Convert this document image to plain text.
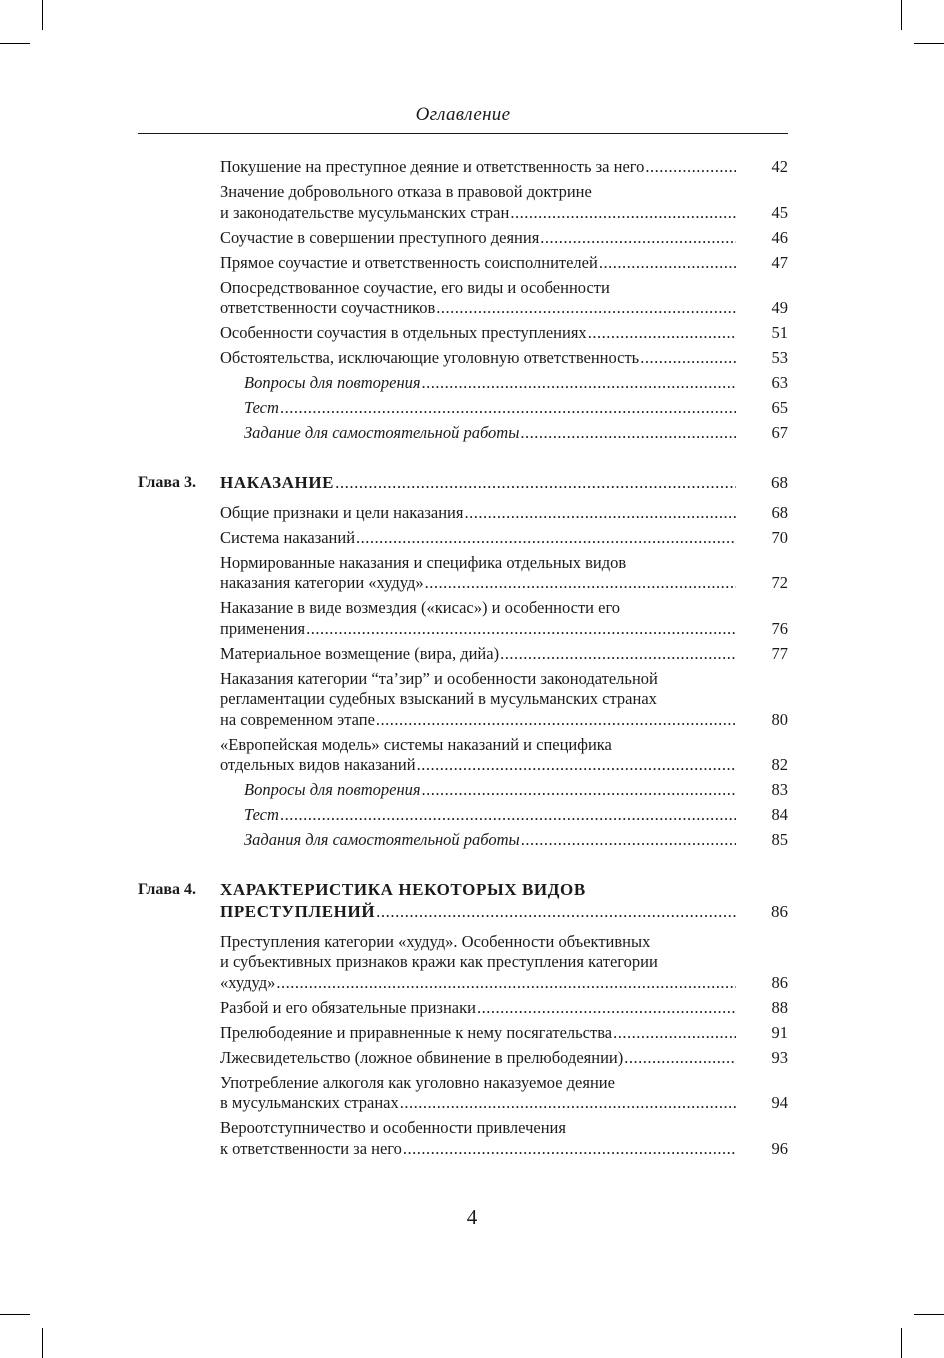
Оглавление
Покушение на преступное деяние и ответственность за него .....	42
Значение добровольного отказа в правовой доктрине
и законодательстве мусульманских стран .....	45
Соучастие в совершении преступного деяния .....	46
Прямое соучастие и ответственность соисполнителей .....	47
Опосредствованное соучастие, его виды и особенности
ответственности соучастников .....	49
Особенности соучастия в отдельных преступлениях .....	51
Обстоятельства, исключающие уголовную ответственность .....	53
Вопросы для повторения .....	63
Тест .....	65
Задание для самостоятельной работы .....	67
Глава 3. НАКАЗАНИЕ .....	68
Общие признаки и цели наказания .....	68
Система наказаний .....	70
Нормированные наказания и специфика отдельных видов
наказания категории «худуд» .....	72
Наказание в виде возмездия («кисас») и особенности его
применения .....	76
Материальное возмещение (вира, дийа) .....	77
Наказания категории “та’зир” и особенности законодательной
регламентации судебных взысканий в мусульманских странах
на современном этапе .....	80
«Европейская модель» системы наказаний и специфика
отдельных видов наказаний .....	82
Вопросы для повторения .....	83
Тест .....	84
Задания для самостоятельной работы .....	85
Глава 4. ХАРАКТЕРИСТИКА НЕКОТОРЫХ ВИДОВ
ПРЕСТУПЛЕНИЙ .....	86
Преступления категории «худуд». Особенности объективных
и субъективных признаков кражи как преступления категории
«худуд» .....	86
Разбой и его обязательные признаки .....	88
Прелюбодеяние и приравненные к нему посягательства .....	91
Лжесвидетельство (ложное обвинение в прелюбодеянии) .....	93
Употребление алкоголя как уголовно наказуемое деяние
в мусульманских странах .....	94
Вероотступничество и особенности привлечения
к ответственности за него .....	96
4
